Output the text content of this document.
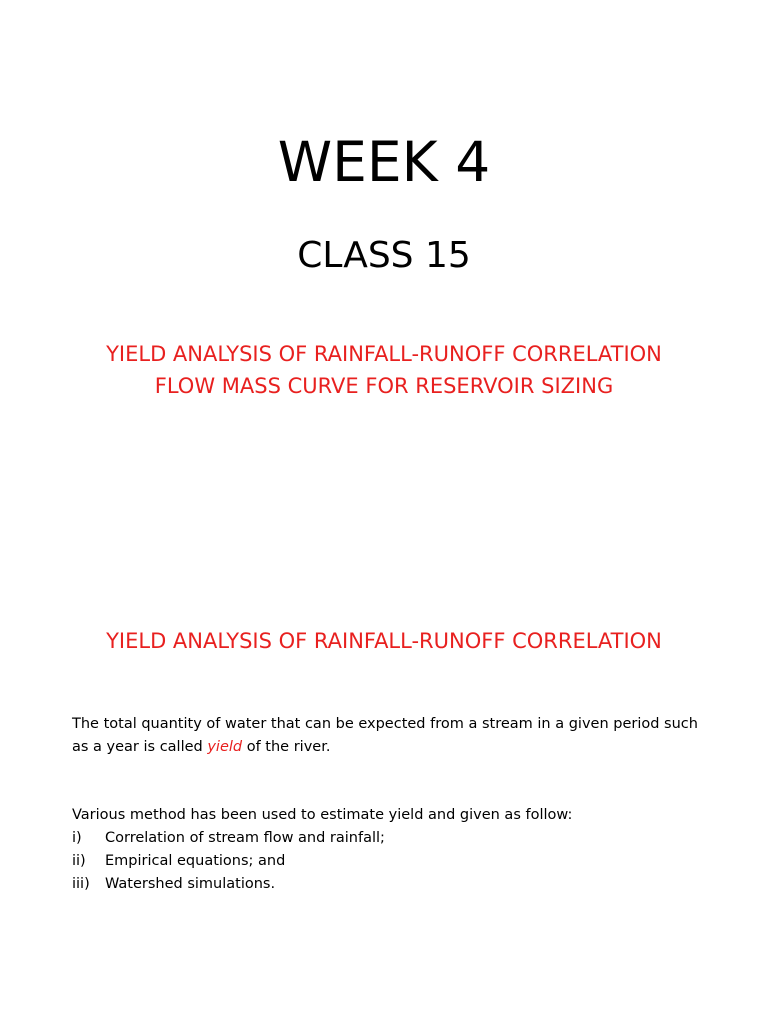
WEEK 4
CLASS 15
YIELD ANALYSIS OF RAINFALL-RUNOFF CORRELATION
FLOW MASS CURVE FOR RESERVOIR SIZING
YIELD ANALYSIS OF RAINFALL-RUNOFF CORRELATION

The total quantity of water that can be expected from a stream in a given period such as a year is called yield of the river.

Various method has been used to estimate yield and given as follow:
i)	Correlation of stream flow and rainfall;
ii)	Empirical equations; and
iii)	Watershed simulations.
